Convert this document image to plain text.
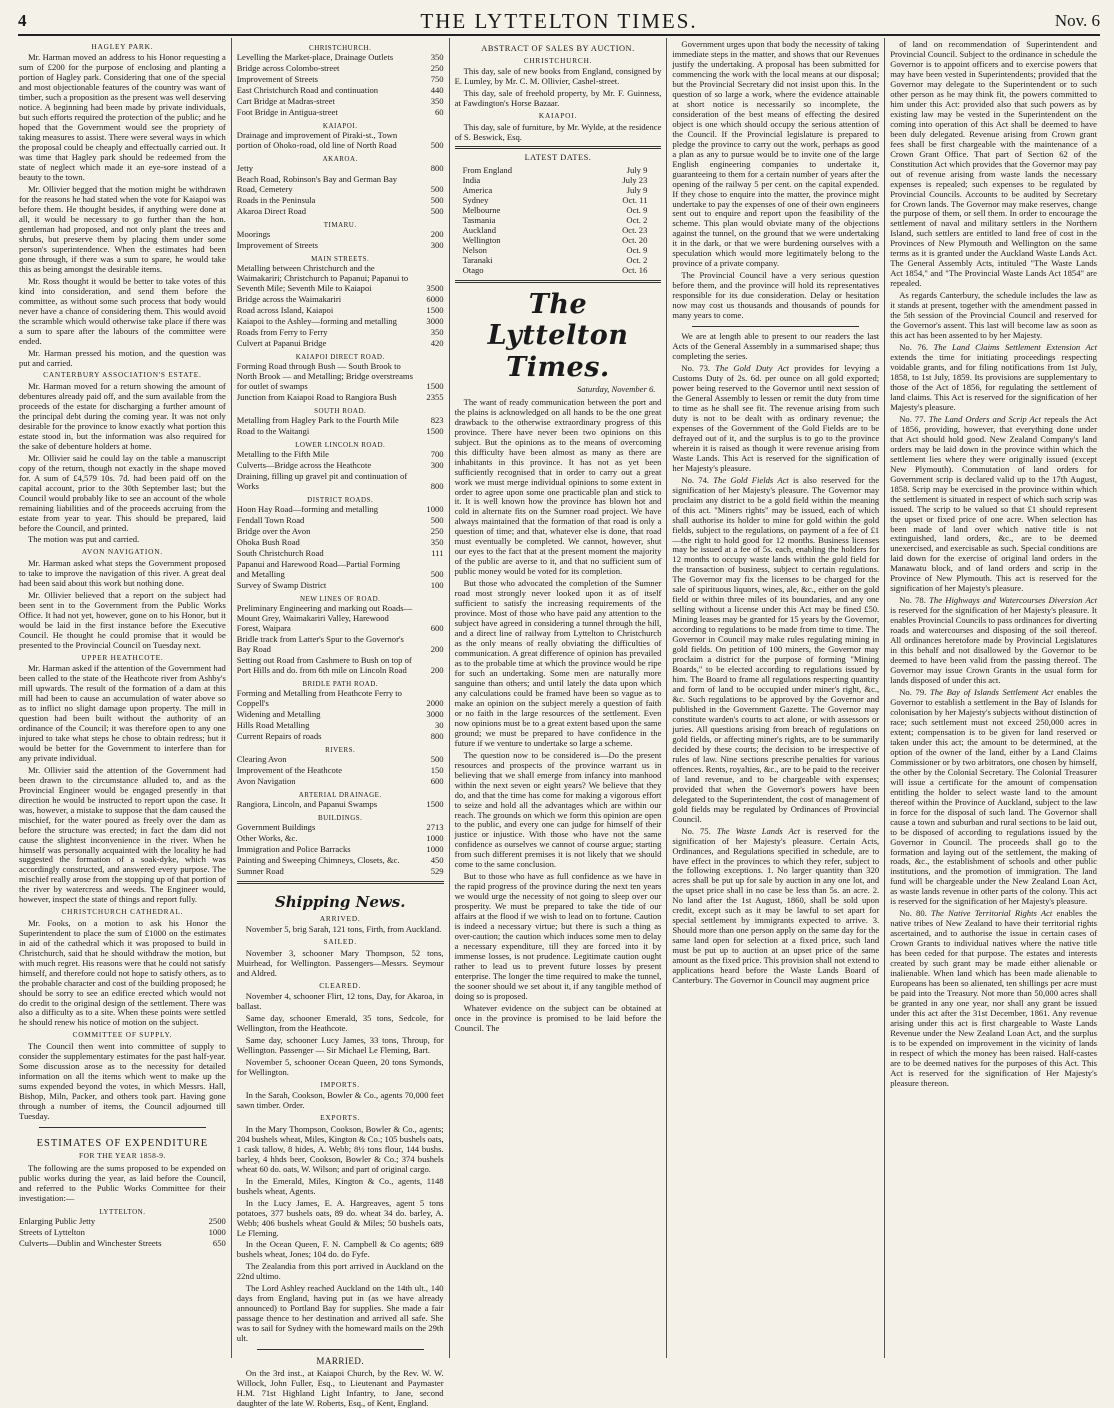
4	THE LYTTELTON TIMES.	Nov. 6
HAGLEY PARK.

Mr. Harman moved an address to his Honor requesting a sum of £200 for the purpose of enclosing and planting a portion of Hagley park. Considering that one of the special and most objectionable features of the country was want of timber, such a proposition as the present was well deserving notice. A beginning had been made by private individuals, but such efforts required the protection of the public; and he hoped that the Government would see the propriety of taking measures to assist. There were several ways in which the proposal could be cheaply and effectually carried out. It was time that Hagley park should be redeemed from the state of neglect which made it an eye-sore instead of a beauty to the town.

Mr. Ollivier begged that the motion might be withdrawn for the reasons he had stated when the vote for Kaiapoi was before them. He thought besides, if anything were done at all, it would be necessary to go further than the hon. gentleman had proposed, and not only plant the trees and shrubs, but preserve them by placing them under some person's superintendence. When the estimates had been gone through, if there was a sum to spare, he would take this as being amongst the desirable items.

Mr. Ross thought it would be better to take votes of this kind into consideration, and send them before the committee, as without some such process that body would never have a chance of considering them. This would avoid the scramble which would otherwise take place if there was a sum to spare after the labours of the committee were ended.

Mr. Harman pressed his motion, and the question was put and carried.

CANTERBURY ASSOCIATION'S ESTATE.

Mr. Harman moved for a return showing the amount of debentures already paid off, and the sum available from the proceeds of the estate for discharging a further amount of the principal debt during the coming year. It was not only desirable for the province to know exactly what portion this estate stood in, but the information was also required for the sake of debenture holders at home.

Mr. Ollivier said he could lay on the table a manuscript copy of the return, though not exactly in the shape moved for. A sum of £4,579 10s. 7d. had been paid off on the capital account, prior to the 30th September last; but the Council would probably like to see an account of the whole remaining liabilities and of the proceeds accruing from the estate from year to year. This should be prepared, laid before the Council, and printed.

The motion was put and carried.

AVON NAVIGATION.

Mr. Harman asked what steps the Government proposed to take to improve the navigation of this river. A great deal had been said about this work but nothing done.

Mr. Ollivier believed that a report on the subject had been sent in to the Government from the Public Works Office. It had not yet, however, gone on to his Honor, but it would be laid in the first instance before the Executive Council. He thought he could promise that it would be presented to the Provincial Council on Tuesday next.

UPPER HEATHCOTE.

Mr. Harman asked if the attention of the Government had been called to the state of the Heathcote river from Ashby's mill upwards. The result of the formation of a dam at this mill had been to cause an accumulation of water above so as to inflict no slight damage upon property. The mill in question had been built without the authority of an ordinance of the Council; it was therefore open to any one injured to take what steps he chose to obtain redress; but it would be better for the Government to interfere than for any private individual.

Mr. Ollivier said the attention of the Government had been drawn to the circumstance alluded to, and as the Provincial Engineer would be engaged presently in that direction he would be instructed to report upon the case. It was, however, a mistake to suppose that the dam caused the mischief, for the water poured as freely over the dam as before the structure was erected; in fact the dam did not cause the slightest inconvenience in the river. When he himself was personally acquainted with the locality he had suggested the formation of a soak-dyke, which was accordingly constructed, and answered every purpose. The mischief really arose from the stopping up of that portion of the river by watercress and weeds. The Engineer would, however, inspect the state of things and report fully.

CHRISTCHURCH CATHEDRAL.

Mr. Fooks, on a motion to ask his Honor the Superintendent to place the sum of £1000 on the estimates in aid of the cathedral which it was proposed to build in Christchurch, said that he should withdraw the motion, but with much regret. His reasons were that he could not satisfy himself, and therefore could not hope to satisfy others, as to the probable character and cost of the building proposed; he should be sorry to see an edifice erected which would not do credit to the original design of the settlement. There was also a difficulty as to a site. When these points were settled he should renew his notice of motion on the subject.

COMMITTEE OF SUPPLY.

The Council then went into committee of supply to consider the supplementary estimates for the past half-year. Some discussion arose as to the necessity for detailed information on all the items which went to make up the sums expended beyond the votes, in which Messrs. Hall, Bishop, Miln, Packer, and others took part. Having gone through a number of items, the Council adjourned till Tuesday.

ESTIMATES OF EXPENDITURE
FOR THE YEAR 1858-9.

The following are the sums proposed to be expended on public works during the year, as laid before the Council, and referred to the Public Works Committee for their investigation:—

LYTTELTON.
Enlarging Public Jetty	2500
Streets of Lyttelton	1000
Culverts—Dublin and Winchester Streets	650
CHRISTCHURCH.
Levelling the Market-place, Drainage Outlets	350
Bridge across Colombo-street	250
Improvement of Streets	750
East Christchurch Road and continuation	440
Cart Bridge at Madras-street	350
Foot Bridge in Antigua-street	60
KAIAPOI.
Drainage and improvement of Piraki-st., Town portion of Ohoko-road, old line of North Road	500
AKAROA.
Jetty	800
Beach Road, Robinson's Bay and German Bay Road, Cemetery	500
Roads in the Peninsula	500
Akaroa Direct Road	500
TIMARU.
Moorings	200
Improvement of Streets	300
MAIN STREETS.
Metalling between Christchurch and the Waimakariri; Christchurch to Papanui; Papanui to Seventh Mile; Seventh Mile to Kaiapoi	3500
Bridge across the Waimakariri	6000
Road across Island, Kaiapoi	1500
Kaiapoi to the Ashley—forming and metalling	3000
Roads from Ferry to Ferry	350
Culvert at Papanui Bridge	420
KAIAPOI DIRECT ROAD.
Forming Road through Bush — South Brook to North Brook — and Metalling; Bridge overstreams for outlet of swamps	1500
Junction from Kaiapoi Road to Rangiora Bush	2355
SOUTH ROAD.
Metalling from Hagley Park to the Fourth Mile	823
Road to the Waitangi	1500
LOWER LINCOLN ROAD.
Metalling to the Fifth Mile	700
Culverts—Bridge across the Heathcote	300
Draining, filling up gravel pit and continuation of Works	800
DISTRICT ROADS.
Hoon Hay Road—forming and metalling	1000
Fendall Town Road	500
Bridge over the Avon	250
Ohoka Bush Road	350
South Christchurch Road	111
Papanui and Harewood Road—Partial Forming and Metalling	500
Survey of Swamp District	100
NEW LINES OF ROAD.
Preliminary Engineering and marking out Roads—Mount Grey, Waimakariri Valley, Harewood Forest, Waipara	600
Bridle track from Latter's Spur to the Governor's Bay Road	200
Setting out Road from Cashmere to Bush on top of Port Hills and do. from 6th mile on Lincoln Road	200
BRIDLE PATH ROAD.
Forming and Metalling from Heathcote Ferry to Coppell's	2000
Widening and Metalling	3000
Hills Road Metalling	30
Current Repairs of roads	800
RIVERS.
Clearing Avon	500
Improvement of the Heathcote	150
Avon Navigation	600
ARTERIAL DRAINAGE.
Rangiora, Lincoln, and Papanui Swamps	1500
BUILDINGS.
Government Buildings	2713
Other Works, &c.	1000
Immigration and Police Barracks	1000
Painting and Sweeping Chimneys, Closets, &c.	450
Sumner Road	529
Shipping News.
ARRIVED.

November 5, brig Sarah, 121 tons, Firth, from Auckland.

SAILED.

November 3, schooner Mary Thompson, 52 tons, Muirhead, for Wellington. Passengers—Messrs. Seymour and Aldred.

CLEARED.

November 4, schooner Flirt, 12 tons, Day, for Akaroa, in ballast.

Same day, schooner Emerald, 35 tons, Sedcole, for Wellington, from the Heathcote.

Same day, schooner Lucy James, 33 tons, Throup, for Wellington. Passenger — Sir Michael Le Fleming, Bart.

November 5, schooner Ocean Queen, 20 tons Symonds, for Wellington.

IMPORTS.

In the Sarah, Cookson, Bowler & Co., agents 70,000 feet sawn timber. Order.

EXPORTS.

In the Mary Thompson, Cookson, Bowler & Co., agents; 204 bushels wheat, Miles, Kington & Co.; 105 bushels oats, 1 cask tallow, 8 hides, A. Webb; 8½ tons flour, 144 bushs. barley, 4 hhds beer, Cookson, Bowler & Co.; 374 bushels wheat 60 do. oats, W. Wilson; and part of original cargo.

In the Emerald, Miles, Kington & Co., agents, 1148 bushels wheat, Agents.

In the Lucy James, E. A. Hargreaves, agent 5 tons potatoes, 377 bushels oats, 89 do. wheat 34 do. barley, A. Webb; 406 bushels wheat Gould & Miles; 50 bushels oats, Le Fleming.

In the Ocean Queen, F. N. Campbell & Co agents; 689 bushels wheat, Jones; 104 do. do Fyfe.

The Zealandia from this port arrived in Auckland on the 22nd ultimo.

The Lord Ashley reached Auckland on the 14th ult., 140 days from England, having put in (as we have already announced) to Portland Bay for supplies. She made a fair passage thence to her destination and arrived all safe. She was to sail for Sydney with the homeward mails on the 29th ult.

MARRIED.

On the 3rd inst., at Kaiapoi Church, by the Rev. W. W. Willock, John Fuller, Esq., to Lieutenant and Paymaster H.M. 71st Highland Light Infantry, to Jane, second daughter of the late W. Roberts, Esq., of Kent, England.

ABSTRACT OF SALES BY AUCTION.
CHRISTCHURCH.

This day, sale of new books from England, consigned by E. Lumley, by Mr. C. M. Ollivier, Cashel-street.

This day, sale of freehold property, by Mr. F. Guinness, at Fawdington's Horse Bazaar.

KAIAPOI.

This day, sale of furniture, by Mr. Wylde, at the residence of S. Beswick, Esq.

LATEST DATES.
From England	July 9
India	July 23
America	July 9
Sydney	Oct. 11
Melbourne	Oct. 9
Tasmania	Oct. 2
Auckland	Oct. 23
Wellington	Oct. 20
Nelson	Oct. 9
Taranaki	Oct. 2
Otago	Oct. 16
The Lyttelton Times.
Saturday, November 6.

The want of ready communication between the port and the plains is acknowledged on all hands to be the one great drawback to the otherwise extraordinary progress of this province. There have never been two opinions on this subject. But the opinions as to the means of overcoming this difficulty have been almost as many as there are inhabitants in this province. It has not as yet been sufficiently recognised that in order to carry out a great work we must merge individual opinions to some extent in order to agree upon some one practicable plan and stick to it. It is well known how the province has blown hot and cold in alternate fits on the Sumner road project. We have always maintained that the formation of that road is only a question of time; and that, whatever else is done, that road must eventually be completed. We cannot, however, shut our eyes to the fact that at the present moment the majority of the public are averse to it, and that no sufficient sum of public money would be voted for its completion.

But those who advocated the completion of the Sumner road most strongly never looked upon it as of itself sufficient to satisfy the increasing requirements of the province. Most of those who have paid any attention to the subject have agreed in considering a tunnel through the hill, and a direct line of railway from Lyttelton to Christchurch as the only means of really obviating the difficulties of communication. A great difference of opinion has prevailed as to the probable time at which the province would be ripe for such an undertaking. Some men are naturally more sanguine than others; and until lately the data upon which any calculations could be framed have been so vague as to make an opinion on the subject merely a question of faith or no faith in the large resources of the settlement. Even now opinions must be to a great extent based upon the same ground; we must be prepared to have confidence in the future if we venture to undertake so large a scheme.

The question now to be considered is—Do the present resources and prospects of the province warrant us in believing that we shall emerge from infancy into manhood within the next seven or eight years? We believe that they do, and that the time has come for making a vigorous effort to seize and hold all the advantages which are within our reach. The grounds on which we form this opinion are open to the public, and every one can judge for himself of their justice or injustice. With those who have not the same confidence as ourselves we cannot of course argue; starting from such different premises it is not likely that we should come to the same conclusion.

But to those who have as full confidence as we have in the rapid progress of the province during the next ten years we would urge the necessity of not going to sleep over our prosperity. We must be prepared to take the tide of our affairs at the flood if we wish to lead on to fortune. Caution is indeed a necessary virtue; but there is such a thing as over-caution; the caution which induces some men to delay a necessary expenditure, till they are forced into it by immense losses, is not prudence. Legitimate caution ought rather to lead us to prevent future losses by present enterprise. The longer the time required to make the tunnel, the sooner should we set about it, if any tangible method of doing so is proposed.

Whatever evidence on the subject can be obtained at once in the province is promised to be laid before the Council. The

Government urges upon that body the necessity of taking immediate steps in the matter, and shows that our Revenues justify the undertaking. A proposal has been submitted for commencing the work with the local means at our disposal; but the Provincial Secretary did not insist upon this. In the question of so large a work, where the evidence attainable at short notice is necessarily so incomplete, the consideration of the best means of effecting the desired object is one which should occupy the serious attention of the Council. If the Provincial legislature is prepared to pledge the province to carry out the work, perhaps as good a plan as any to pursue would be to invite one of the large English engineering companies to undertake it, guaranteeing to them for a certain number of years after the opening of the railway 5 per cent. on the capital expended. If they chose to enquire into the matter, the province might undertake to pay the expenses of one of their own engineers sent out to enquire and report upon the feasibility of the scheme. This plan would obviate many of the objections against the tunnel, on the ground that we were undertaking it in the dark, or that we were burdening ourselves with a speculation which would more legitimately belong to the province of a private company.

The Provincial Council have a very serious question before them, and the province will hold its representatives responsible for its due consideration. Delay or hesitation now may cost us thousands and thousands of pounds for many years to come.

We are at length able to present to our readers the last Acts of the General Assembly in a summarised shape; thus completing the series.

No. 73. The Gold Duty Act provides for levying a Customs Duty of 2s. 6d. per ounce on all gold exported; power being reserved to the Governor until next session of the General Assembly to lessen or remit the duty from time to time as he shall see fit. The revenue arising from such duty is not to be dealt with as ordinary revenue; the expenses of the Government of the Gold Fields are to be defrayed out of it, and the surplus is to go to the province wherein it is raised as though it were revenue arising from Waste Lands. This Act is reserved for the signification of her Majesty's pleasure.

No. 74. The Gold Fields Act is also reserved for the signification of her Majesty's pleasure. The Governor may proclaim any district to be a gold field within the meaning of this act. "Miners rights" may be issued, each of which shall authorise its holder to mine for gold within the gold fields, subject to the regulations, on payment of a fee of £1—the right to hold good for 12 months. Business licenses may be issued at a fee of 5s. each, enabling the holders for 12 months to occupy waste lands within the gold field for the transaction of business, subject to certain regulations. The Governor may fix the licenses to be charged for the sale of spirituous liquors, wines, ale, &c., either on the gold field or within three miles of its boundaries, and any one selling without a license under this Act may be fined £50. Mining leases may be granted for 15 years by the Governor, according to regulations to be made from time to time. The Governor in Council may make rules regulating mining in gold fields. On petition of 100 miners, the Governor may proclaim a district for the purpose of forming "Mining Boards," to be elected according to regulations issued by him. The Board to frame all regulations respecting quantity and form of land to be occupied under miner's right, &c., &c. Such regulations to be approved by the Governor and published in the Government Gazette. The Governor may constitute warden's courts to act alone, or with assessors or juries. All questions arising from breach of regulations on gold fields, or affecting miner's rights, are to be summarily decided by these courts; the decision to be irrespective of rules of law. Nine sections prescribe penalties for various offences. Rents, royalties, &c., are to be paid to the receiver of land revenue, and to be chargeable with expenses; provided that when the Governor's powers have been delegated to the Superintendent, the cost of management of gold fields may be regulated by Ordinances of Provincial Council.

No. 75. The Waste Lands Act is reserved for the signification of her Majesty's pleasure. Certain Acts, Ordinances, and Regulations specified in schedule, are to have effect in the provinces to which they refer, subject to the following exceptions. 1. No larger quantity than 320 acres shall be put up for sale by auction in any one lot, and the upset price shall in no case be less than 5s. an acre. 2. No land after the 1st August, 1860, shall be sold upon credit, except such as it may be lawful to set apart for special settlement by immigrants expected to arrive. 3. Should more than one person apply on the same day for the same land open for selection at a fixed price, such land must be put up to auction at an upset price of the same amount as the fixed price. This provision shall not extend to applications heard before the Waste Lands Board of Canterbury. The Governor in Council may augment price

of land on recommendation of Superintendent and Provincial Council. Subject to the ordinance in schedule the Governor is to appoint officers and to exercise powers that may have been vested in Superintendents; provided that the Governor may delegate to the Superintendent or to such other person as he may think fit, the powers committed to him under this Act: provided also that such powers as by existing law may be vested in the Superintendent on the coming into operation of this Act shall be deemed to have been duly delegated. Revenue arising from Crown grant fees shall be first chargeable with the maintenance of a Crown Grant Office. That part of Section 62 of the Constitution Act which provides that the Governor may pay out of revenue arising from waste lands the necessary expenses is repealed; such expenses to be regulated by Provincial Councils. Accounts to be audited by Secretary for Crown lands. The Governor may make reserves, change the purpose of them, or sell them. In order to encourage the settlement of naval and military settlers in the Northern Island, such settlers are entitled to land free of cost in the Provinces of New Plymouth and Wellington on the same terms as it is granted under the Auckland Waste Lands Act. The General Assembly Acts, intituled "The Waste Lands Act 1854," and "The Provincial Waste Lands Act 1854" are repealed.

As regards Canterbury, the schedule includes the law as it stands at present, together with the amendment passed in the 5th session of the Provincial Council and reserved for the Governor's assent. This last will become law as soon as this act has been assented to by her Majesty.

No. 76. The Land Claims Settlement Extension Act extends the time for initiating proceedings respecting voidable grants, and for filing notifications from 1st July, 1858, to 1st July, 1859. Its provisions are supplementary to those of the Act of 1856, for regulating the settlement of land claims. This Act is reserved for the signification of her Majesty's pleasure.

No. 77. The Land Orders and Scrip Act repeals the Act of 1856, providing, however, that everything done under that Act should hold good. New Zealand Company's land orders may be laid down in the province within which the settlement lies where they were originally issued (except New Plymouth). Commutation of land orders for Government scrip is declared valid up to the 17th August, 1858. Scrip may be exercised in the province within which the settlement is situated in respect of which such scrip was issued. The scrip to be valued so that £1 should represent the upset or fixed price of one acre. When selection has been made of land over which native title is not extinguished, land orders, &c., are to be deemed unexercised, and exercisable as such. Special conditions are laid down for the exercise of original land orders in the Manawatu block, and of land orders and scrip in the Province of New Plymouth. This act is reserved for the signification of her Majesty's pleasure.

No. 78. The Highways and Watercourses Diversion Act is reserved for the signification of her Majesty's pleasure. It enables Provincial Councils to pass ordinances for diverting roads and watercourses and disposing of the soil thereof. All ordinances heretofore made by Provincial Legislatures in this behalf and not disallowed by the Governor to be deemed to have been valid from the passing thereof. The Governor may issue Crown Grants in the usual form for lands disposed of under this act.

No. 79. The Bay of Islands Settlement Act enables the Governor to establish a settlement in the Bay of Islands for colonisation by her Majesty's subjects without distinction of race; such settlement must not exceed 250,000 acres in extent; compensation is to be given for land reserved or taken under this act; the amount to be determined, at the option of the owner of the land, either by a Land Claims Commissioner or by two arbitrators, one chosen by himself, the other by the Colonial Secretary. The Colonial Treasurer will issue a certificate for the amount of compensation entitling the holder to select waste land to the amount thereof within the Province of Auckland, subject to the law in force for the disposal of such land. The Governor shall cause a town and suburban and rural sections to be laid out, to be disposed of according to regulations issued by the Governor in Council. The proceeds shall go to the formation and laying out of the settlement, the making of roads, &c., the establishment of schools and other public institutions, and the promotion of immigration. The land fund will be chargeable under the New Zealand Loan Act, as waste lands revenue in other parts of the colony. This act is reserved for the signification of her Majesty's pleasure.

No. 80. The Native Territorial Rights Act enables the native tribes of New Zealand to have their territorial rights ascertained, and to authorise the issue in certain cases of Crown Grants to individual natives where the native title has been ceded for that purpose. The estates and interests created by such grant may be made either alienable or inalienable. When land which has been made alienable to Europeans has been so alienated, ten shillings per acre must be paid into the Treasury. Not more than 50,000 acres shall be granted in any one year, nor shall any grant be issued under this act after the 31st December, 1861. Any revenue arising under this act is first chargeable to Waste Lands Revenue under the New Zealand Loan Act, and the surplus is to be expended on improvement in the vicinity of lands in respect of which the money has been raised. Half-castes are to be deemed natives for the purposes of this Act. This Act is reserved for the signification of Her Majesty's pleasure thereon.
